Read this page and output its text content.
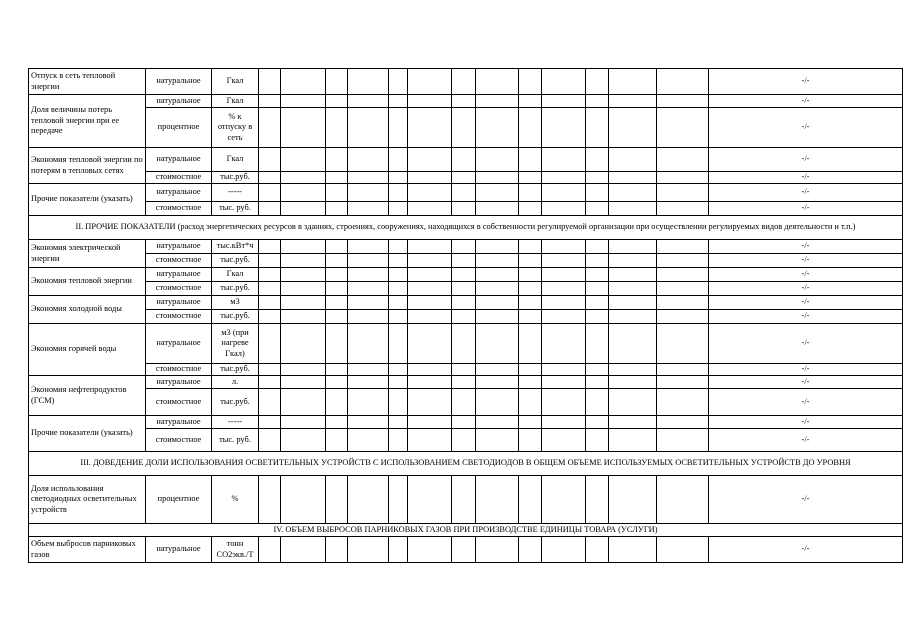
Отпуск в сеть тепловой энергии	натуральное	Гкал														-/-
Доля величины потерь тепловой энергии при ее передаче	натуральное	Гкал														-/-
	процентное	% к отпуску в сеть														-/-
Экономия тепловой энергии по потерям в тепловых сетях	натуральное	Гкал														-/-
	стоимостное	тыс.руб.														-/-
Прочие показатели (указать)	натуральное	-----														-/-
	стоимостное	тыс. руб.														-/-
II. ПРОЧИЕ ПОКАЗАТЕЛИ (расход энергетических ресурсов в зданиях, строениях, сооружениях, находящихся в собственности регулируемой организации при осуществлении регулируемых видов деятельности и т.п.)																
Экономия электрической энергии	натуральное	тыс.кВт*ч														-/-
	стоимостное	тыс.руб.														-/-
Экономия тепловой энергии	натуральное	Гкал														-/-
	стоимостное	тыс.руб.														-/-
Экономия холодной воды	натуральное	м3														-/-
	стоимостное	тыс.руб.														-/-
Экономия горячей воды	натуральное	м3 (при нагреве Гкал)														-/-
	стоимостное	тыс.руб.														-/-
Экономия нефтепродуктов (ГСМ)	натуральное	л.														-/-
	стоимостное	тыс.руб.														-/-
Прочие показатели (указать)	натуральное	-----														-/-
	стоимостное	тыс. руб.														-/-
III. ДОВЕДЕНИЕ ДОЛИ ИСПОЛЬЗОВАНИЯ ОСВЕТИТЕЛЬНЫХ УСТРОЙСТВ С ИСПОЛЬЗОВАНИЕМ СВЕТОДИОДОВ В ОБЩЕМ ОБЪЕМЕ ИСПОЛЬЗУЕМЫХ ОСВЕТИТЕЛЬНЫХ УСТРОЙСТВ ДО УРОВНЯ																
Доля использования светодиодных осветительных устройств	процентное	%														-/-
IV. ОБЪЕМ ВЫБРОСОВ ПАРНИКОВЫХ ГАЗОВ ПРИ ПРОИЗВОДСТВЕ ЕДИНИЦЫ ТОВАРА (УСЛУГИ)																
Объем выбросов парниковых газов	натуральное	тонн CO2экв./Т														-/-
